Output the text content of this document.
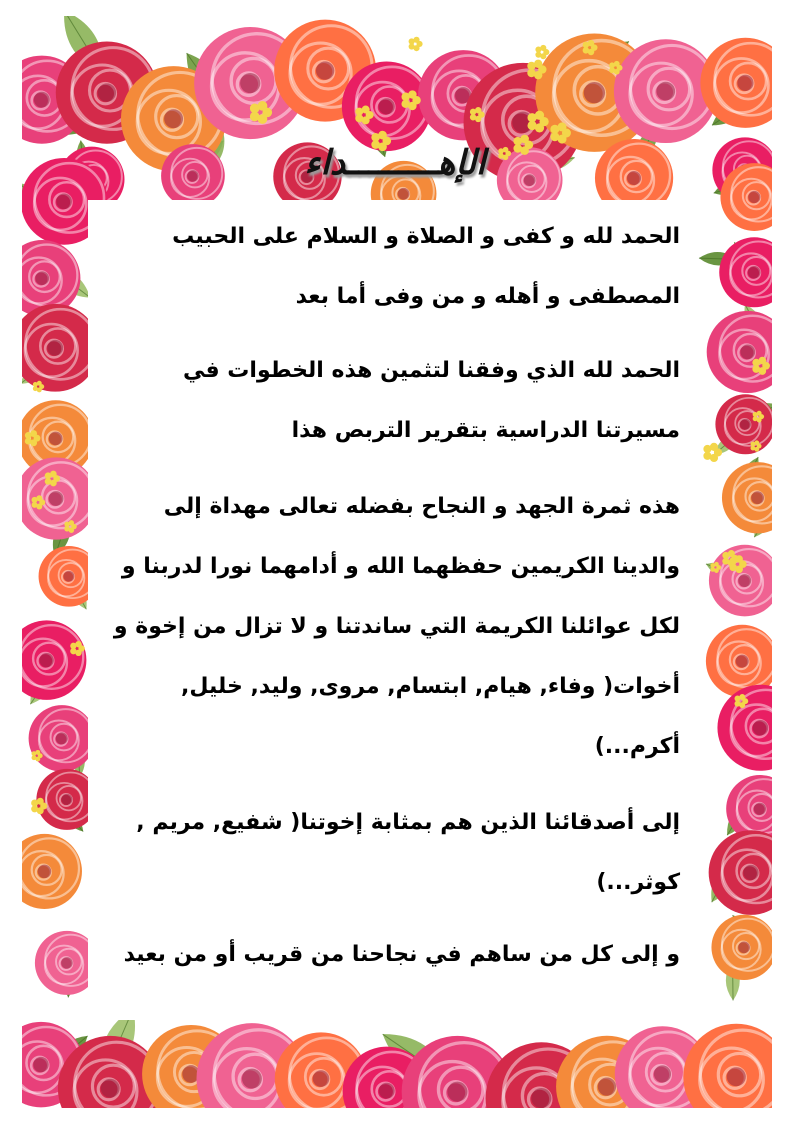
الإهـــــــــداء
الحمد لله و كفى و الصلاة و السلام على الحبيب
المصطفى و أهله و من وفى أما بعد
الحمد لله الذي وفقنا لتثمين هذه الخطوات في
مسيرتنا الدراسية بتقرير التربص هذا
هذه ثمرة الجهد و النجاح بفضله تعالى مهداة إلى
والدينا الكريمين حفظهما الله و أدامهما نورا لدربنا و
لكل عوائلنا الكريمة التي ساندتنا و لا تزال من إخوة و
أخوات( وفاء, هيام, ابتسام, مروى, وليد, خليل,
أكرم...)
إلى أصدقائنا الذين هم بمثابة إخوتنا( شفيع, مريم ,
كوثر...)
و إلى كل من ساهم في نجاحنا من قريب أو من بعيد
